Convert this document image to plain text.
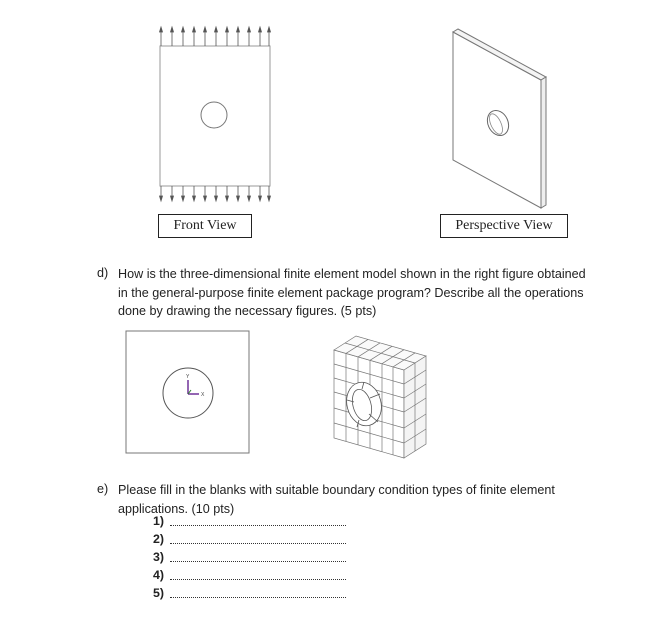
Front View	Perspective View
d) How is the three-dimensional finite element model shown in the right figure obtained
in the general-purpose finite element package program? Describe all the operations
done by drawing the necessary figures. (5 pts)
Y
X
e) Please fill in the blanks with suitable boundary condition types of finite element
applications. (10 pts)
1)
2)
3)
4)
5)
